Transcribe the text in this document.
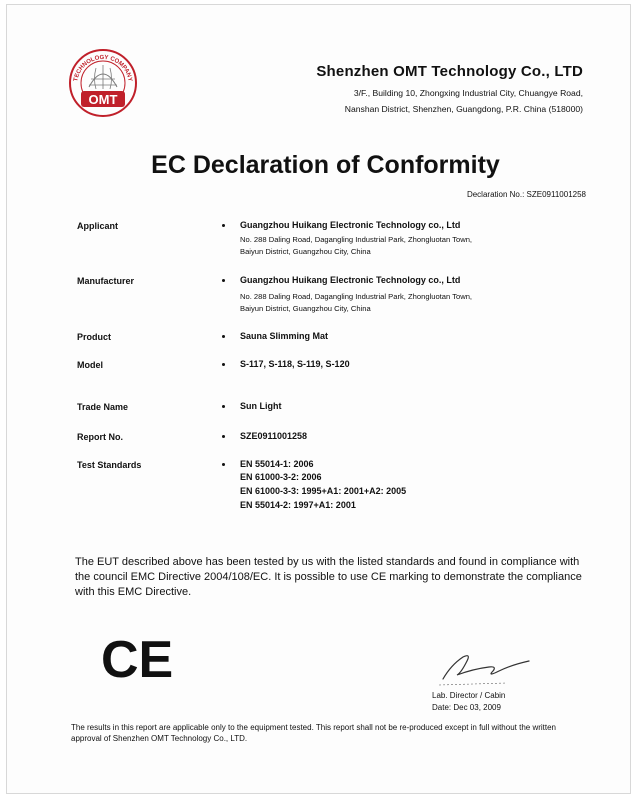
TECHNOLOGY COMPANY
OMT
Shenzhen OMT Technology Co., LTD
3/F., Building 10, Zhongxing Industrial City, Chuangye Road,
Nanshan District, Shenzhen, Guangdong, P.R. China (518000)
EC Declaration of Conformity
Declaration No.: SZE0911001258
Applicant	Guangzhou Huikang Electronic Technology co., Ltd
No. 288 Daling Road, Dagangling Industrial Park, Zhongluotan Town,
Baiyun District, Guangzhou City, China
Manufacturer	Guangzhou Huikang Electronic Technology co., Ltd
No. 288 Daling Road, Dagangling Industrial Park, Zhongluotan Town,
Baiyun District, Guangzhou City, China
Product	Sauna Slimming Mat
Model	S-117, S-118, S-119, S-120
Trade Name	Sun Light
Report No.	SZE0911001258
Test Standards	EN 55014-1: 2006
EN 61000-3-2: 2006
EN 61000-3-3: 1995+A1: 2001+A2: 2005
EN 55014-2: 1997+A1: 2001
The EUT described above has been tested by us with the listed standards and found in compliance with the council EMC Directive 2004/108/EC. It is possible to use CE marking to demonstrate the compliance with this EMC Directive.
CE
Lab. Director / Cabin
Date: Dec 03, 2009
The results in this report are applicable only to the equipment tested. This report shall not be re-produced except in full without the written approval of Shenzhen OMT Technology Co., LTD.
